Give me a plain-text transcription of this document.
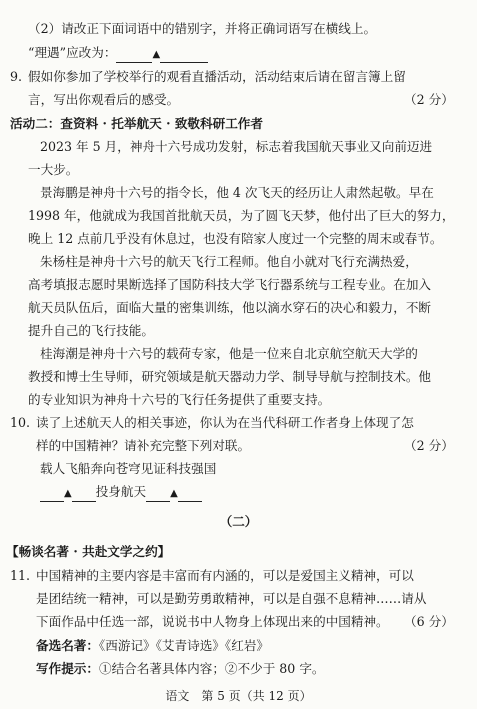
（2）请改正下面词语中的错别字，并将正确词语写在横线上。
“理遇”应改为：	▲
9. 假如你参加了学校举行的观看直播活动，活动结束后请在留言簿上留
言，写出你观看后的感受。	（2 分）
活动二：查资料 · 托举航天 · 致敬科研工作者
2023 年 5 月，神舟十六号成功发射，标志着我国航天事业又向前迈进
一大步。
景海鹏是神舟十六号的指令长，他 4 次飞天的经历让人肃然起敬。早在
1998 年，他就成为我国首批航天员，为了圆飞天梦，他付出了巨大的努力，
晚上 12 点前几乎没有休息过，也没有陪家人度过一个完整的周末或春节。
朱杨柱是神舟十六号的航天飞行工程师。他自小就对飞行充满热爱，
高考填报志愿时果断选择了国防科技大学飞行器系统与工程专业。在加入
航天员队伍后，面临大量的密集训练，他以滴水穿石的决心和毅力，不断
提升自己的飞行技能。
桂海潮是神舟十六号的载荷专家，他是一位来自北京航空航天大学的
教授和博士生导师，研究领域是航天器动力学、制导导航与控制技术。他
的专业知识为神舟十六号的飞行任务提供了重要支持。
10. 读了上述航天人的相关事迹，你认为在当代科研工作者身上体现了怎
样的中国精神？请补充完整下列对联。	（2 分）
载人飞船奔向苍穹见证科技强国
▲ 投身航天 ▲
（二）
【畅谈名著 · 共赴文学之约】
11. 中国精神的主要内容是丰富而有内涵的，可以是爱国主义精神，可以
是团结统一精神，可以是勤劳勇敢精神，可以是自强不息精神……请从
下面作品中任选一部，说说书中人物身上体现出来的中国精神。 （6 分）
备选名著：《西游记》《艾青诗选》《红岩》
写作提示：①结合名著具体内容；②不少于 80 字。
语文　第 5 页（共 12 页）
